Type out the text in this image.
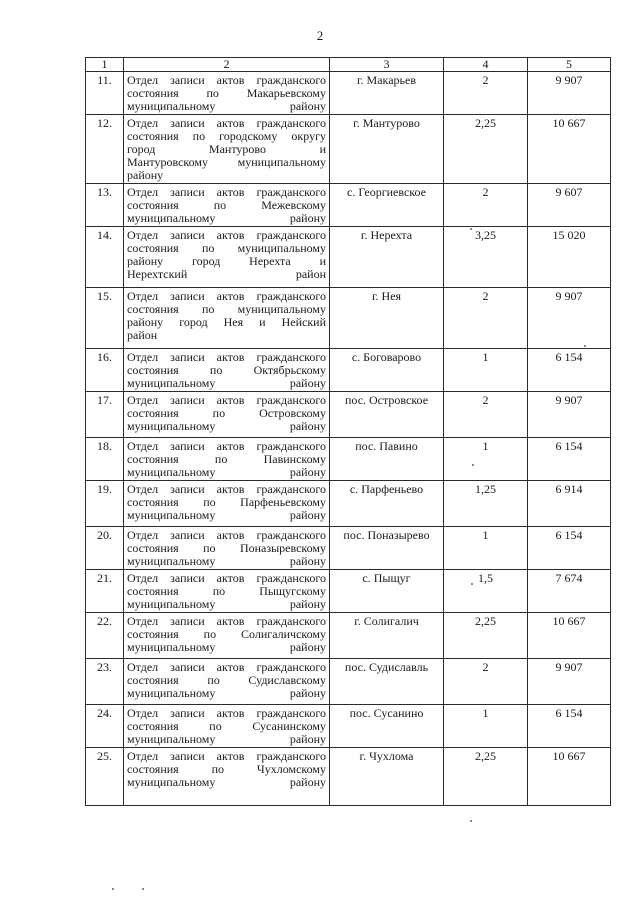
2
1	2	3	4	5
11.	Отдел записи актов гражданского
состояния по Макарьевскому
муниципальному району	г. Макарьев	2	9 907
12.	Отдел записи актов гражданского
состояния по городскому округу
город Мантурово и
Мантуровскому муниципальному
району	г. Мантурово	2,25	10 667
13.	Отдел записи актов гражданского
состояния по Межевскому
муниципальному району	с. Георгиевское	2	9 607
14.	Отдел записи актов гражданского
состояния по муниципальному
району город Нерехта и
Нерехтский район	г. Нерехта	3,25	15 020
15.	Отдел записи актов гражданского
состояния по муниципальному
району город Нея и Нейский
район	г. Нея	2	9 907
16.	Отдел записи актов гражданского
состояния по Октябрьскому
муниципальному району	с. Боговарово	1	6 154
17.	Отдел записи актов гражданского
состояния по Островскому
муниципальному району	пос. Островское	2	9 907
18.	Отдел записи актов гражданского
состояния по Павинскому
муниципальному району	пос. Павино	1	6 154
19.	Отдел записи актов гражданского
состояния по Парфеньевскому
муниципальному району	с. Парфеньево	1,25	6 914
20.	Отдел записи актов гражданского
состояния по Поназыревскому
муниципальному району	пос. Поназырево	1	6 154
21.	Отдел записи актов гражданского
состояния по Пыщугскому
муниципальному району	с. Пыщуг	1,5	7 674
22.	Отдел записи актов гражданского
состояния по Солигаличскому
муниципальному району	г. Солигалич	2,25	10 667
23.	Отдел записи актов гражданского
состояния по Судиславскому
муниципальному району	пос. Судиславль	2	9 907
24.	Отдел записи актов гражданского
состояния по Сусанинскому
муниципальному району	пос. Сусанино	1	6 154
25.	Отдел записи актов гражданского
состояния по Чухломскому
муниципальному району	г. Чухлома	2,25	10 667
